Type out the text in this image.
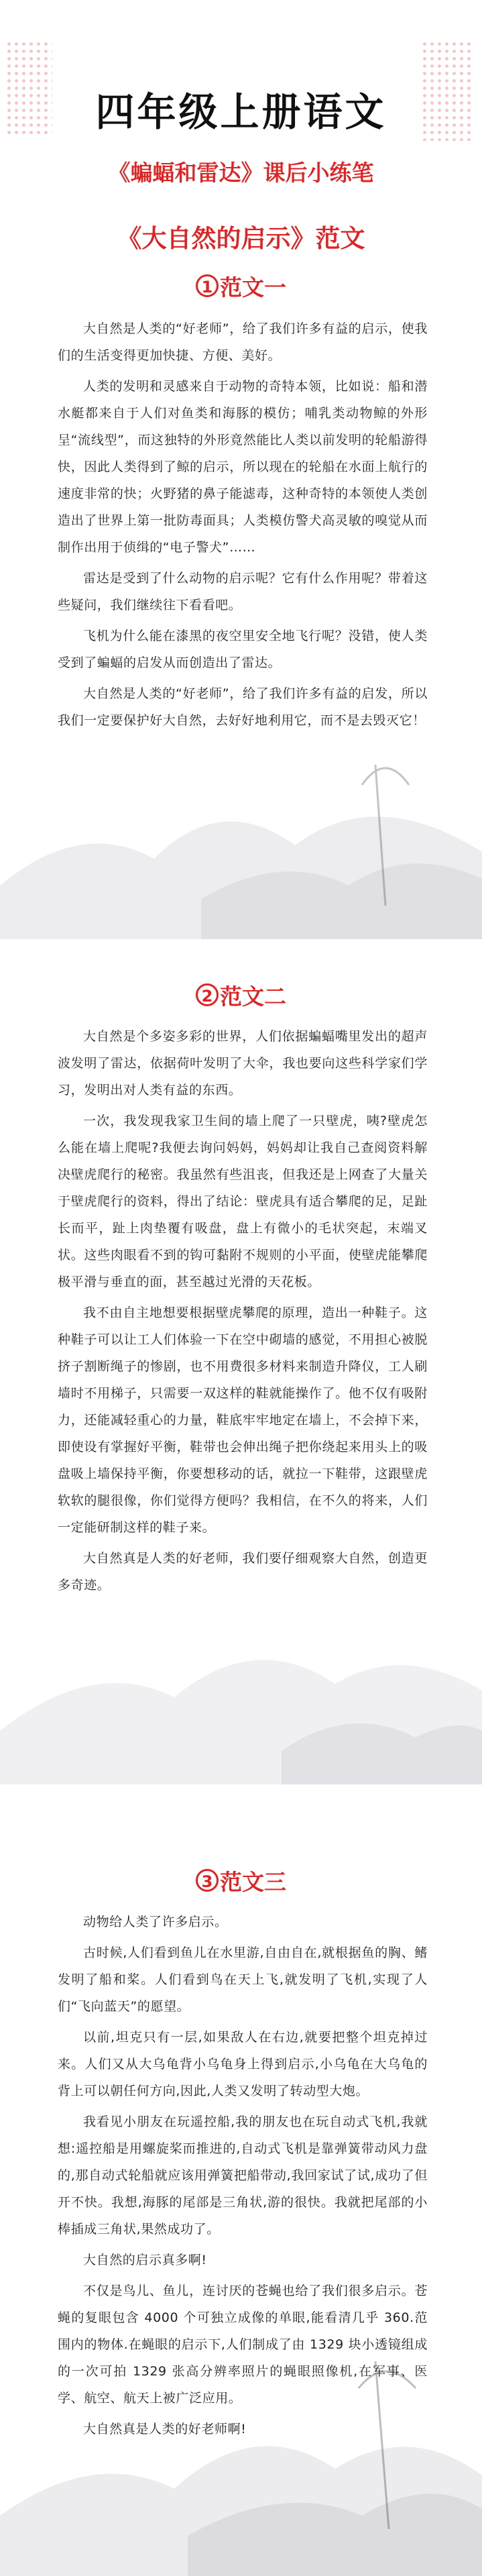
四年级上册语文
《蝙蝠和雷达》课后小练笔
《大自然的启示》范文
1 范文一

大自然是人类的“好老师”，给了我们许多有益的启示，使我们的生活变得更加快捷、方便、美好。

人类的发明和灵感来自于动物的奇特本领，比如说：船和潜水艇都来自于人们对鱼类和海豚的模仿；哺乳类动物鲸的外形呈“流线型”，而这独特的外形竟然能比人类以前发明的轮船游得快，因此人类得到了鲸的启示，所以现在的轮船在水面上航行的速度非常的快；火野猪的鼻子能滤毒，这种奇特的本领使人类创造出了世界上第一批防毒面具；人类模仿警犬高灵敏的嗅觉从而制作出用于侦缉的“电子警犬”……

雷达是受到了什么动物的启示呢？它有什么作用呢？带着这些疑问，我们继续往下看看吧。

飞机为什么能在漆黑的夜空里安全地飞行呢？没错，使人类受到了蝙蝠的启发从而创造出了雷达。

大自然是人类的“好老师”，给了我们许多有益的启发，所以我们一定要保护好大自然，去好好地利用它，而不是去毁灭它！

2 范文二

大自然是个多姿多彩的世界，人们依据蝙蝠嘴里发出的超声波发明了雷达，依据荷叶发明了大伞，我也要向这些科学家们学习，发明出对人类有益的东西。

一次，我发现我家卫生间的墙上爬了一只壁虎，咦?壁虎怎么能在墙上爬呢?我便去询问妈妈，妈妈却让我自己查阅资料解决壁虎爬行的秘密。我虽然有些沮丧，但我还是上网查了大量关于壁虎爬行的资料，得出了结论：壁虎具有适合攀爬的足，足趾长而平，趾上肉垫覆有吸盘，盘上有微小的毛状突起，末端叉状。这些肉眼看不到的钩可黏附不规则的小平面，使壁虎能攀爬极平滑与垂直的面，甚至越过光滑的天花板。

我不由自主地想要根据壁虎攀爬的原理，造出一种鞋子。这种鞋子可以让工人们体验一下在空中砌墙的感觉，不用担心被脱挤子割断绳子的惨剧，也不用费很多材料来制造升降仪，工人刷墙时不用梯子，只需要一双这样的鞋就能操作了。他不仅有吸附力，还能减轻重心的力量，鞋底牢牢地定在墙上，不会掉下来，即使设有掌握好平衡，鞋带也会伸出绳子把你绕起来用头上的吸盘吸上墙保持平衡，你要想移动的话，就拉一下鞋带，这跟壁虎软软的腿很像，你们觉得方便吗？我相信，在不久的将来，人们一定能研制这样的鞋子来。

大自然真是人类的好老师，我们要仔细观察大自然，创造更多奇迹。

3 范文三

动物给人类了许多启示。

古时候,人们看到鱼儿在水里游,自由自在,就根据鱼的胸、鳍发明了船和桨。人们看到鸟在天上飞,就发明了飞机,实现了人们“飞向蓝天”的愿望。

以前,坦克只有一层,如果敌人在右边,就要把整个坦克掉过来。人们又从大乌龟背小乌龟身上得到启示,小乌龟在大乌龟的背上可以朝任何方向,因此,人类又发明了转动型大炮。

我看见小朋友在玩遥控船,我的朋友也在玩自动式飞机,我就想:遥控船是用螺旋桨而推进的,自动式飞机是靠弹簧带动风力盘的,那自动式轮船就应该用弹簧把船带动,我回家试了试,成功了但开不快。我想,海豚的尾部是三角状,游的很快。我就把尾部的小棒插成三角状,果然成功了。

大自然的启示真多啊!

不仅是鸟儿、鱼儿，连讨厌的苍蝇也给了我们很多启示。苍蝇的复眼包含 4000 个可独立成像的单眼,能看清几乎 360.范围内的物体.在蝇眼的启示下,人们制成了由 1329 块小透镜组成的一次可拍 1329 张高分辨率照片的蝇眼照像机,在军事、医学、航空、航天上被广泛应用。

大自然真是人类的好老师啊!
